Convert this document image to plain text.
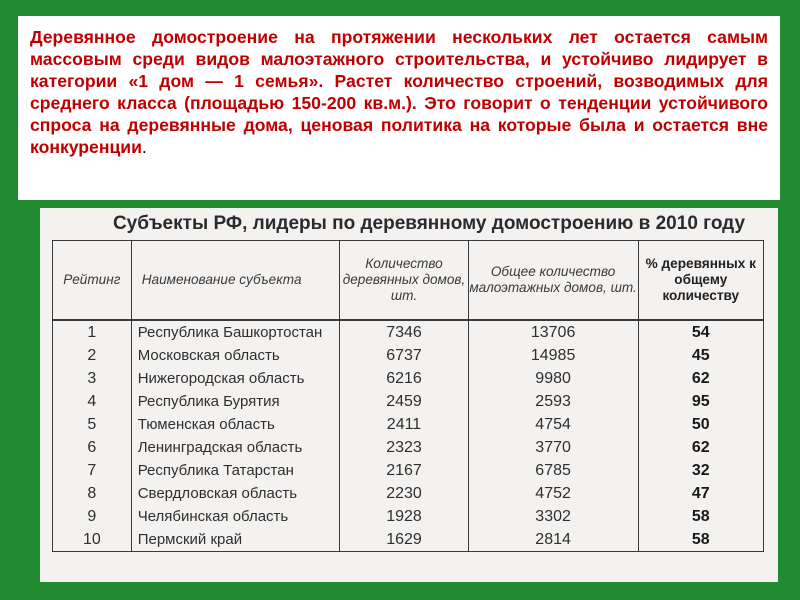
Деревянное домостроение на протяжении нескольких лет остается самым массовым среди видов малоэтажного строительства, и устойчиво лидирует в категории «1 дом — 1 семья». Растет количество строений, возводимых для среднего класса (площадью 150-200 кв.м.). Это говорит о тенденции устойчивого спроса на деревянные дома, ценовая политика на которые была и остается вне конкуренции.

Субъекты РФ, лидеры по деревянному домостроению в 2010 году
Рейтинг	Наименование субъекта	Количество деревянных домов, шт.	Общее количество малоэтажных домов, шт.	% деревянных к общему количеству
1	Республика Башкортостан	7346	13706	54
2	Московская область	6737	14985	45
3	Нижегородская область	6216	9980	62
4	Республика Бурятия	2459	2593	95
5	Тюменская область	2411	4754	50
6	Ленинградская область	2323	3770	62
7	Республика Татарстан	2167	6785	32
8	Свердловская область	2230	4752	47
9	Челябинская область	1928	3302	58
10	Пермский край	1629	2814	58
